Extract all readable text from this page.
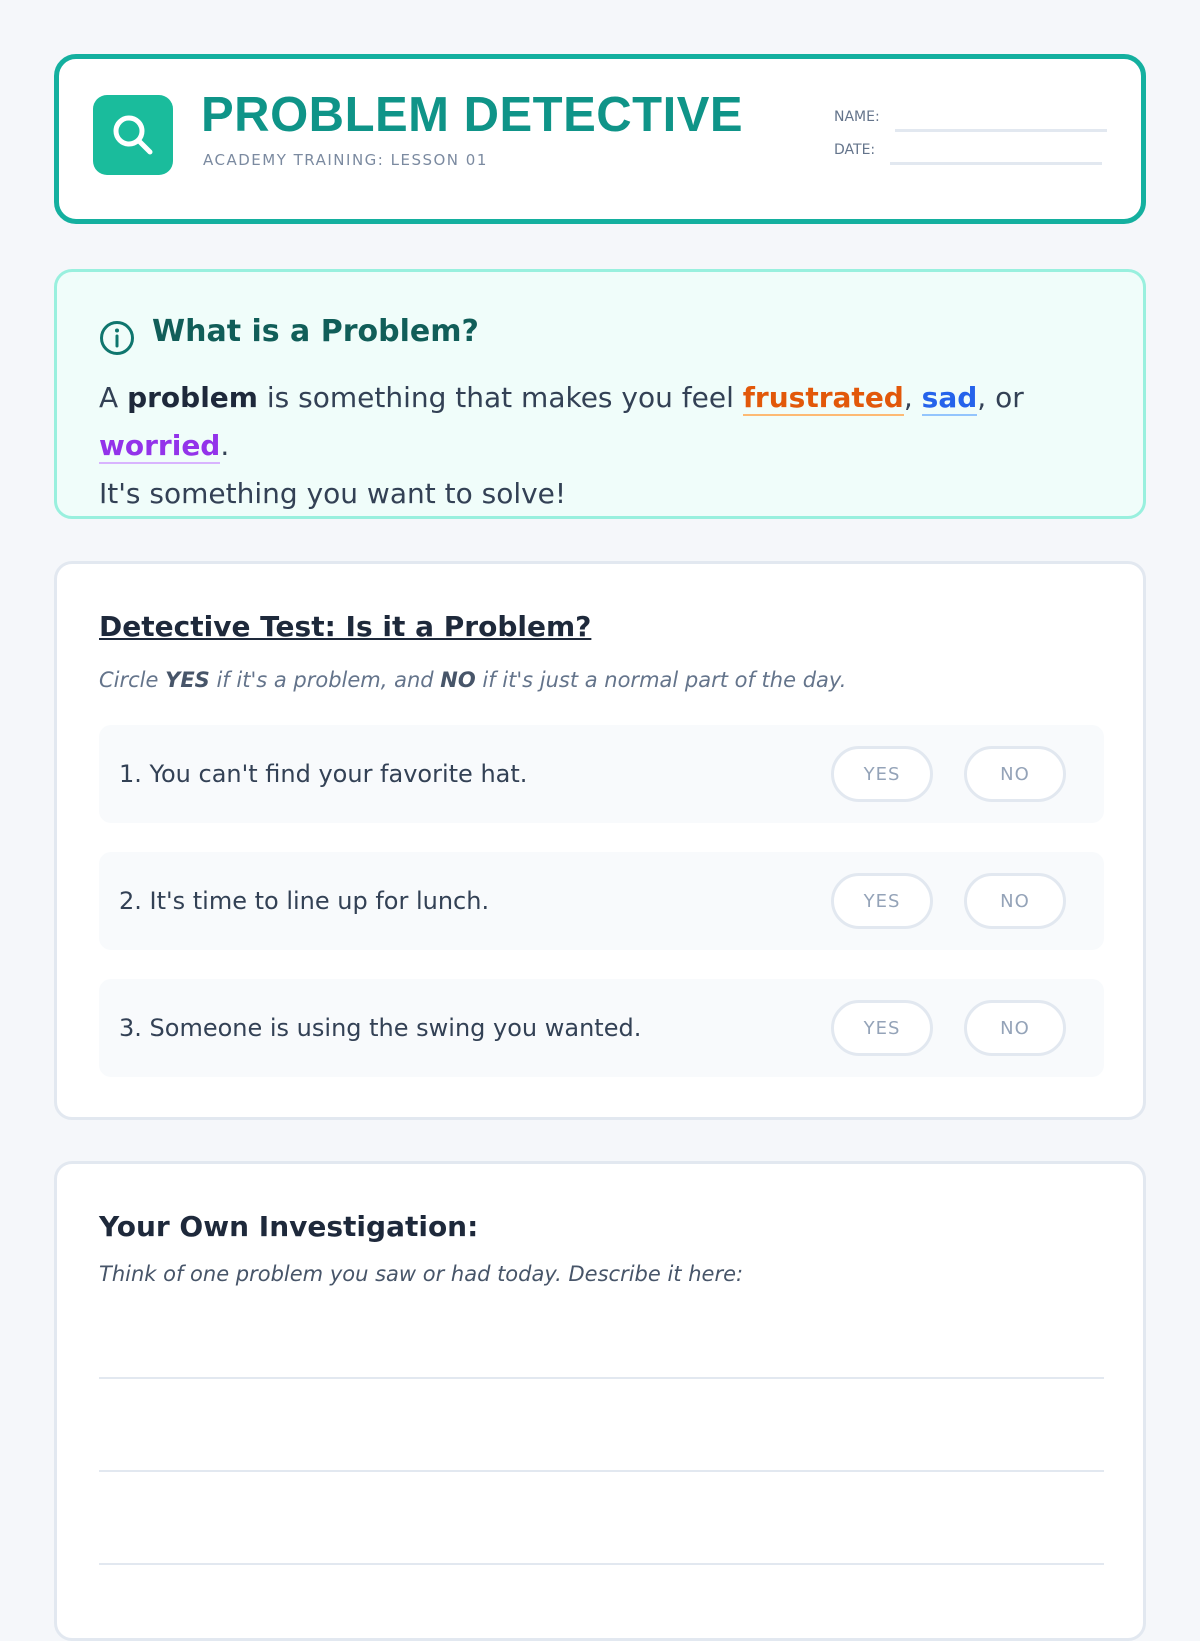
PROBLEM DETECTIVE
ACADEMY TRAINING: LESSON 01
NAME:
DATE:
What is a Problem?

A problem is something that makes you feel frustrated, sad, or worried.
It's something you want to solve!

Detective Test: Is it a Problem?

Circle YES if it's a problem, and NO if it's just a normal part of the day.

1. You can't find your favorite hat.	YES	NO
2. It's time to line up for lunch.	YES	NO
3. Someone is using the swing you wanted.	YES	NO
Your Own Investigation:

Think of one problem you saw or had today. Describe it here:
